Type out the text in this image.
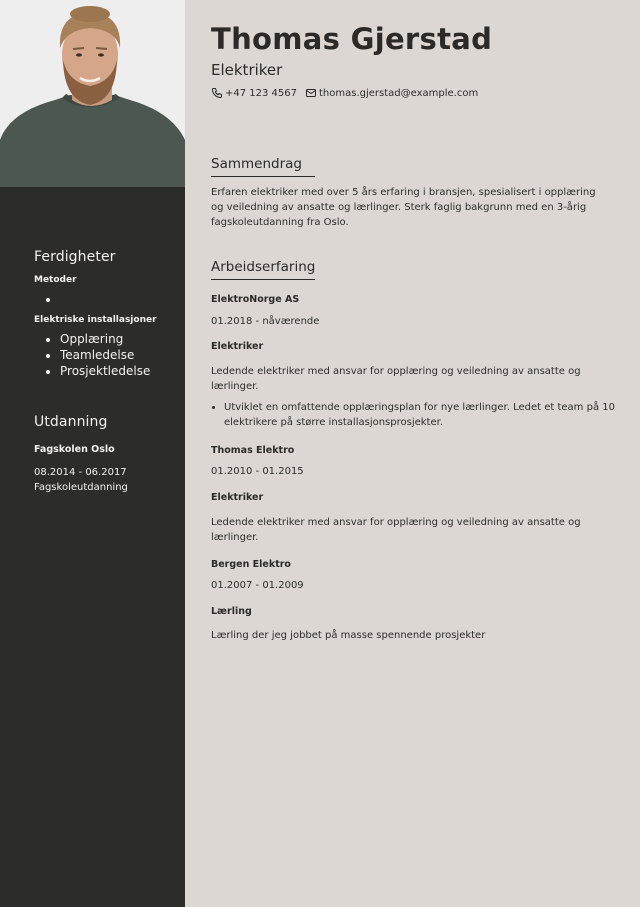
Ferdigheter
Metoder
•
Elektriske installasjoner
• Opplæring
• Teamledelse
• Prosjektledelse
Utdanning
Fagskolen Oslo
08.2014 - 06.2017
Fagskoleutdanning
Thomas Gjerstad
Elektriker
+47 123 4567 thomas.gjerstad@example.com
Sammendrag
Erfaren elektriker med over 5 års erfaring i bransjen, spesialisert i opplæring og veiledning av ansatte og lærlinger. Sterk faglig bakgrunn med en 3-årig fagskoleutdanning fra Oslo.
Arbeidserfaring
ElektroNorge AS
01.2018 - nåværende
Elektriker
Ledende elektriker med ansvar for opplæring og veiledning av ansatte og lærlinger.
• Utviklet en omfattende opplæringsplan for nye lærlinger. Ledet et team på 10 elektrikere på større installasjonsprosjekter.
Thomas Elektro
01.2010 - 01.2015
Elektriker
Ledende elektriker med ansvar for opplæring og veiledning av ansatte og lærlinger.
Bergen Elektro
01.2007 - 01.2009
Lærling
Lærling der jeg jobbet på masse spennende prosjekter
